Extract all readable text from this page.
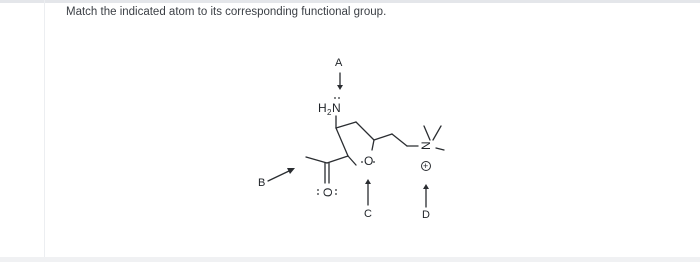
Match the indicated atom to its corresponding functional group.
A
B
C	D
H 2 N
O
O
N
+
